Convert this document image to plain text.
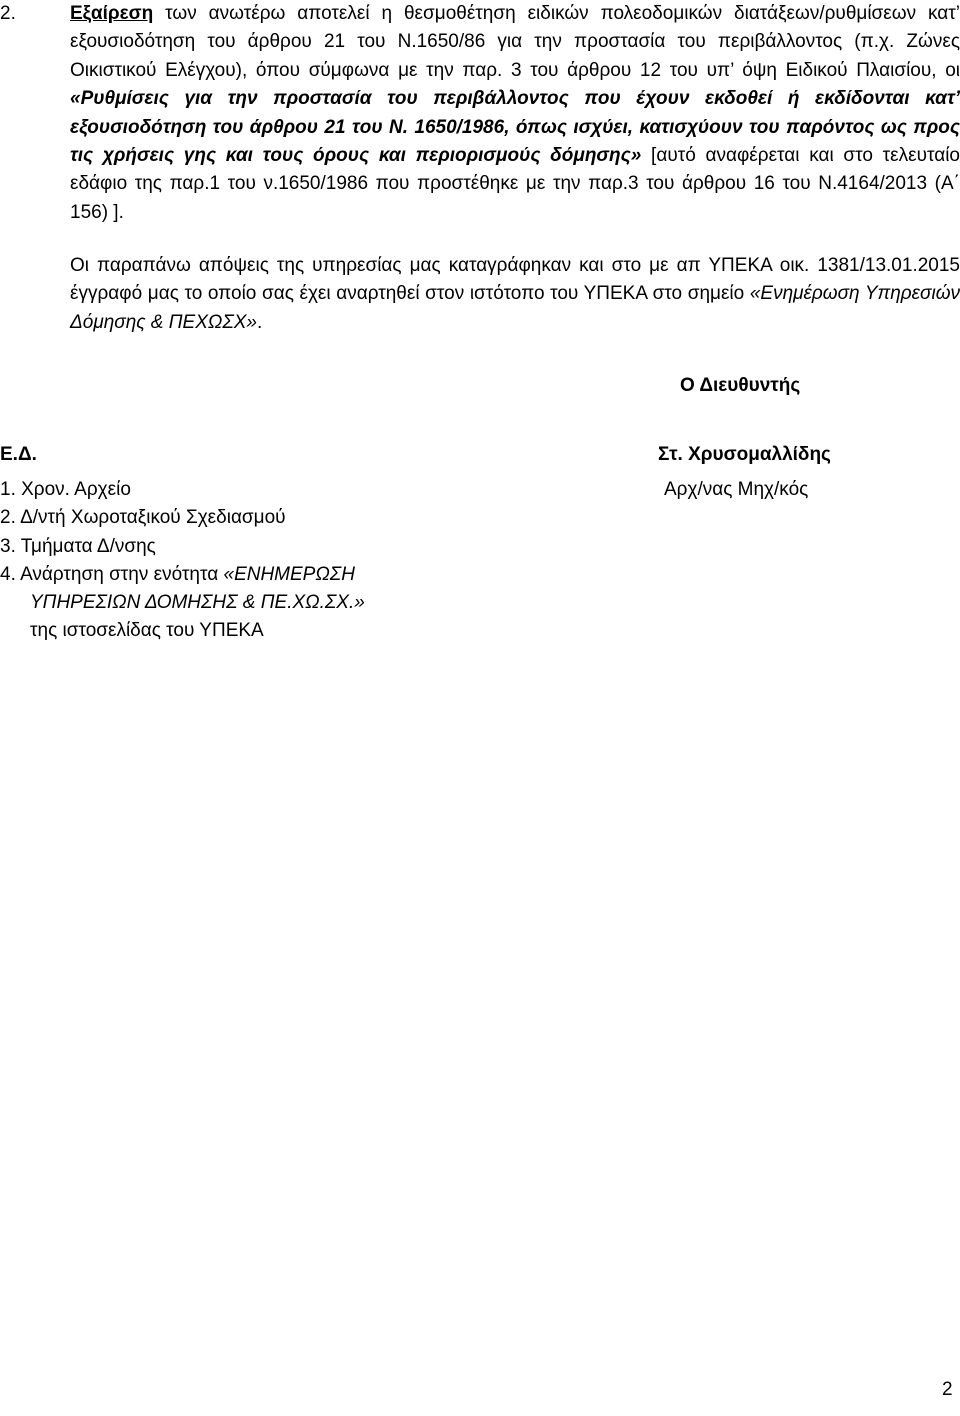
2.	Εξαίρεση των ανωτέρω αποτελεί η θεσμοθέτηση ειδικών πολεοδομικών διατάξεων/ρυθμίσεων κατ’ εξουσιοδότηση του άρθρου 21 του Ν.1650/86 για την προστασία του περιβάλλοντος (π.χ. Ζώνες Οικιστικού Ελέγχου), όπου σύμφωνα με την παρ. 3 του άρθρου 12 του υπ’ όψη Ειδικού Πλαισίου, οι «Ρυθμίσεις για την προστασία του περιβάλλοντος που έχουν εκδοθεί ή εκδίδονται κατ’ εξουσιοδότηση του άρθρου 21 του Ν. 1650/1986, όπως ισχύει, κατισχύουν του παρόντος ως προς τις χρήσεις γης και τους όρους και περιορισμούς δόμησης» [αυτό αναφέρεται και στο τελευταίο εδάφιο της παρ.1 του ν.1650/1986 που προστέθηκε με την παρ.3 του άρθρου 16 του Ν.4164/2013 (Α΄ 156) ].
Οι παραπάνω απόψεις της υπηρεσίας μας καταγράφηκαν και στο με απ ΥΠΕΚΑ οικ. 1381/13.01.2015 έγγραφό μας το οποίο σας έχει αναρτηθεί στον ιστότοπο του ΥΠΕΚΑ στο σημείο «Ενημέρωση Υπηρεσιών Δόμησης & ΠΕΧΩΣΧ».
Ο Διευθυντής
Ε.Δ.	Στ. Χρυσομαλλίδης
Αρχ/νας Μηχ/κός
1. Χρον. Αρχείο
2. Δ/ντή Χωροταξικού Σχεδιασμού
3. Τμήματα Δ/νσης
4. Ανάρτηση στην ενότητα «ΕΝΗΜΕΡΩΣΗ
ΥΠΗΡΕΣΙΩΝ ΔΟΜΗΣΗΣ & ΠΕ.ΧΩ.ΣΧ.»
της ιστοσελίδας του ΥΠΕΚΑ
2
